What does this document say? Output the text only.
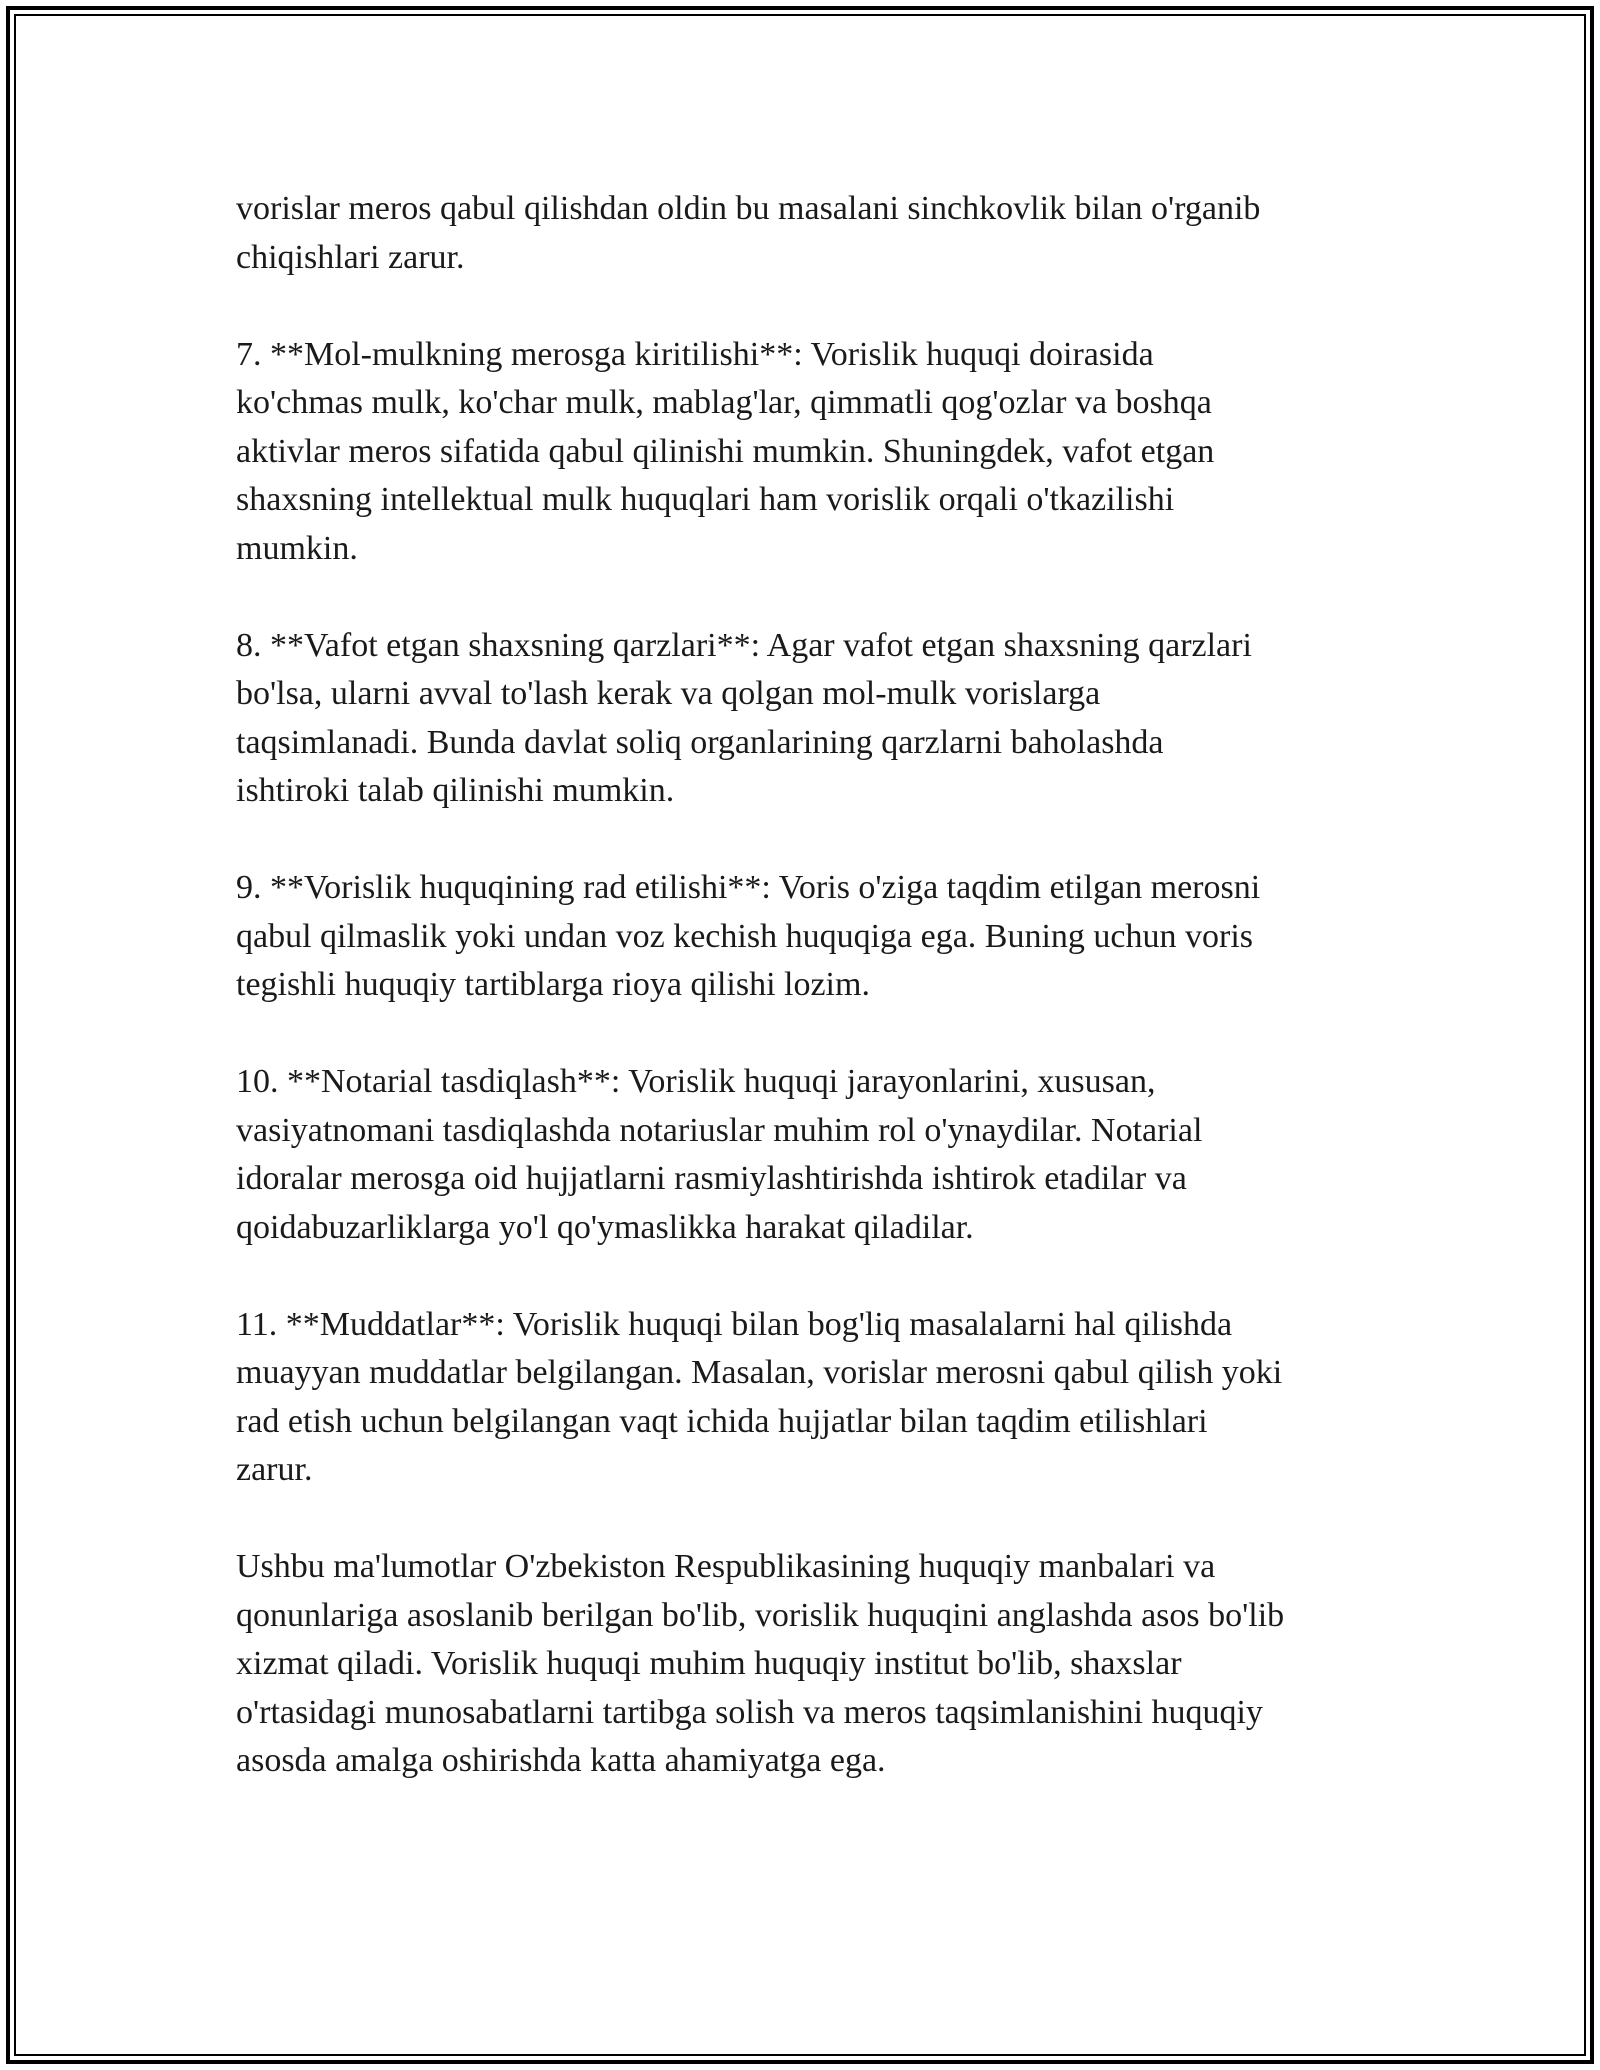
vorislar meros qabul qilishdan oldin bu masalani sinchkovlik bilan o'rganib
chiqishlari zarur.

7. **Mol-mulkning merosga kiritilishi**: Vorislik huquqi doirasida
ko'chmas mulk, ko'char mulk, mablag'lar, qimmatli qog'ozlar va boshqa
aktivlar meros sifatida qabul qilinishi mumkin. Shuningdek, vafot etgan
shaxsning intellektual mulk huquqlari ham vorislik orqali o'tkazilishi
mumkin.

8. **Vafot etgan shaxsning qarzlari**: Agar vafot etgan shaxsning qarzlari
bo'lsa, ularni avval to'lash kerak va qolgan mol-mulk vorislarga
taqsimlanadi. Bunda davlat soliq organlarining qarzlarni baholashda
ishtiroki talab qilinishi mumkin.

9. **Vorislik huquqining rad etilishi**: Voris o'ziga taqdim etilgan merosni
qabul qilmaslik yoki undan voz kechish huquqiga ega. Buning uchun voris
tegishli huquqiy tartiblarga rioya qilishi lozim.

10. **Notarial tasdiqlash**: Vorislik huquqi jarayonlarini, xususan,
vasiyatnomani tasdiqlashda notariuslar muhim rol o'ynaydilar. Notarial
idoralar merosga oid hujjatlarni rasmiylashtirishda ishtirok etadilar va
qoidabuzarliklarga yo'l qo'ymaslikka harakat qiladilar.

11. **Muddatlar**: Vorislik huquqi bilan bog'liq masalalarni hal qilishda
muayyan muddatlar belgilangan. Masalan, vorislar merosni qabul qilish yoki
rad etish uchun belgilangan vaqt ichida hujjatlar bilan taqdim etilishlari
zarur.

Ushbu ma'lumotlar O'zbekiston Respublikasining huquqiy manbalari va
qonunlariga asoslanib berilgan bo'lib, vorislik huquqini anglashda asos bo'lib
xizmat qiladi. Vorislik huquqi muhim huquqiy institut bo'lib, shaxslar
o'rtasidagi munosabatlarni tartibga solish va meros taqsimlanishini huquqiy
asosda amalga oshirishda katta ahamiyatga ega.
